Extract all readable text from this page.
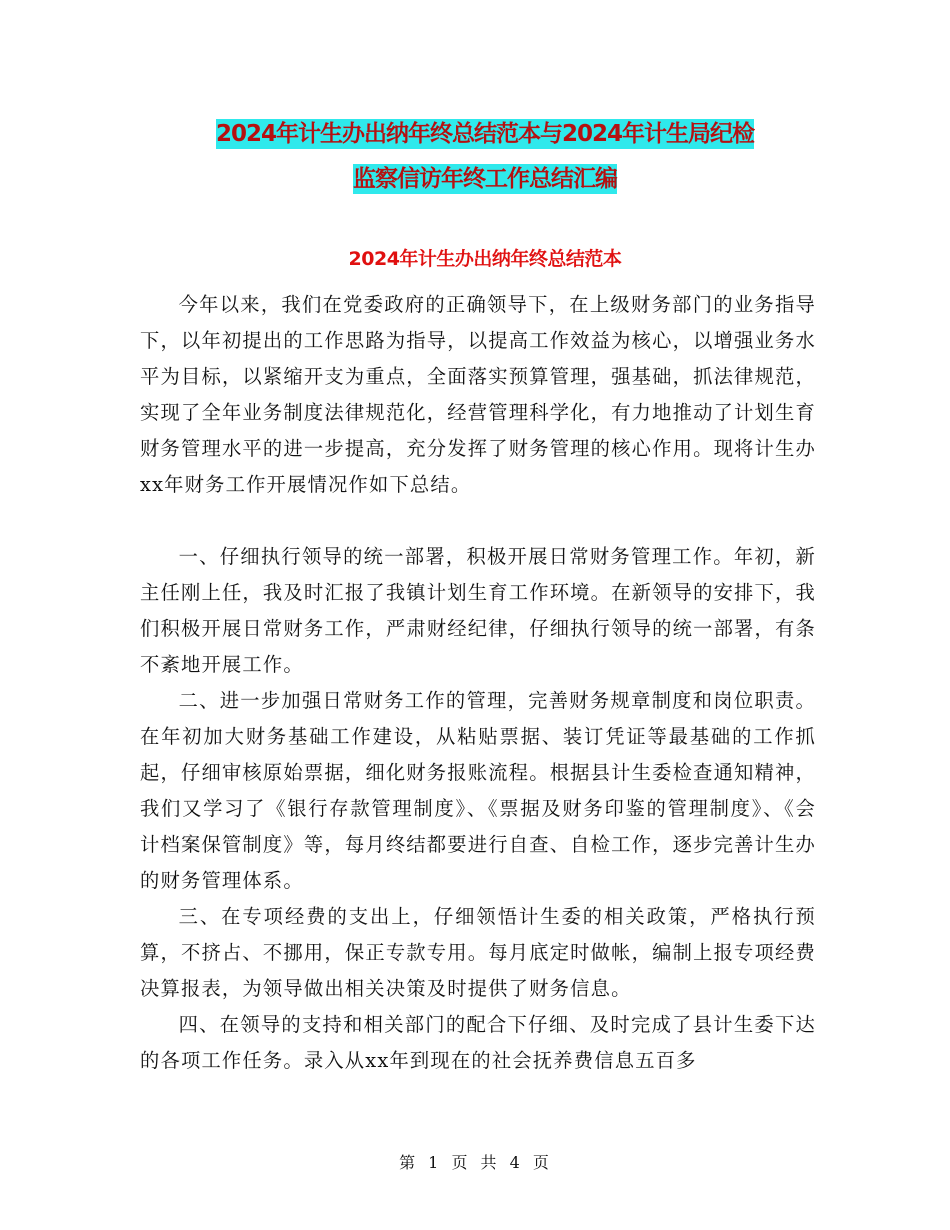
2024年计生办出纳年终总结范本与2024年计生局纪检
监察信访年终工作总结汇编
2024年计生办出纳年终总结范本

今年以来，我们在党委政府的正确领导下，在上级财务部门的业务指导下，以年初提出的工作思路为指导，以提高工作效益为核心，以增强业务水平为目标，以紧缩开支为重点，全面落实预算管理，强基础，抓法律规范，实现了全年业务制度法律规范化，经营管理科学化，有力地推动了计划生育财务管理水平的进一步提高，充分发挥了财务管理的核心作用。现将计生办xx年财务工作开展情况作如下总结。

一、仔细执行领导的统一部署，积极开展日常财务管理工作。年初，新主任刚上任，我及时汇报了我镇计划生育工作环境。在新领导的安排下，我们积极开展日常财务工作，严肃财经纪律，仔细执行领导的统一部署，有条不紊地开展工作。

二、进一步加强日常财务工作的管理，完善财务规章制度和岗位职责。在年初加大财务基础工作建设，从粘贴票据、装订凭证等最基础的工作抓起，仔细审核原始票据，细化财务报账流程。根据县计生委检查通知精神，我们又学习了《银行存款管理制度》、《票据及财务印鉴的管理制度》、《会计档案保管制度》等，每月终结都要进行自查、自检工作，逐步完善计生办的财务管理体系。

三、在专项经费的支出上，仔细领悟计生委的相关政策，严格执行预算，不挤占、不挪用，保正专款专用。每月底定时做帐，编制上报专项经费决算报表，为领导做出相关决策及时提供了财务信息。

四、在领导的支持和相关部门的配合下仔细、及时完成了县计生委下达的各项工作任务。录入从xx年到现在的社会抚养费信息五百多

第 1 页 共 4 页
